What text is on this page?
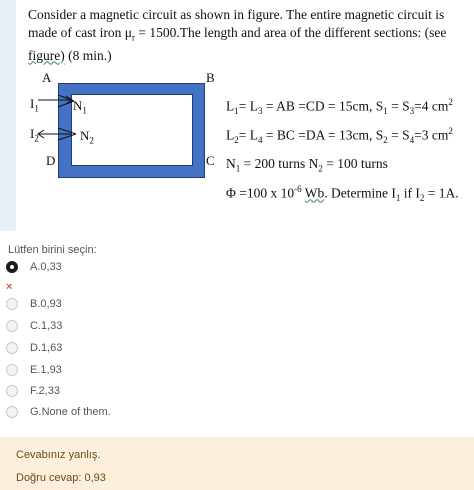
Consider a magnetic circuit as shown in figure. The entire magnetic circuit is
made of cast iron $\mu_r = 1500.The$ length and area of the different sections: (see
figure) (8 min.)
A	B
D	C
$I_1$
$I_2$
$N_1$
$N_2$
$L_1= L_3$ = AB =CD = 15cm, $S_1 = S_3=4$ $cm^2$
$L_2= L_4$ = BC =DA = 13cm, $S_2 = S_4=3$ $cm^2$
$N_1 = 200$ turns $N_2 = 100$ turns
Φ =100 x $10^{-6}$ Wb. Determine $I_1$ if $I_2 = 1A$.
Lütfen birini seçin:
A.0,33
×
B.0,93
C.1,33
D.1,63
E.1,93
F.2,33
G.None of them.
Cevabınız yanlış.
Doğru cevap: 0,93
